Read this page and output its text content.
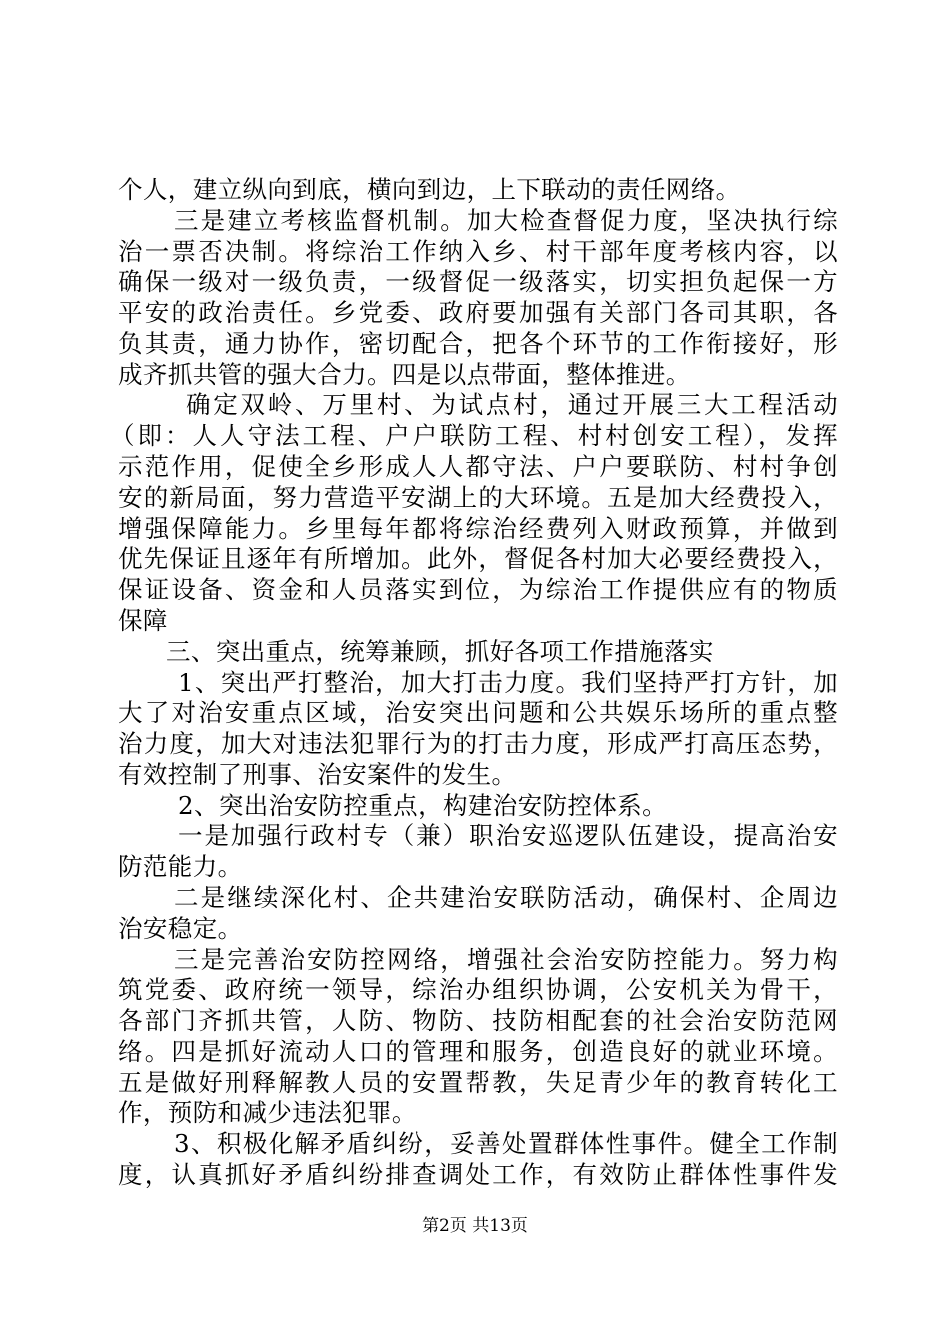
个人，建立纵向到底，横向到边，上下联动的责任网络。
三是建立考核监督机制。加大检查督促力度，坚决执行综
治一票否决制。将综治工作纳入乡、村干部年度考核内容，以
确保一级对一级负责，一级督促一级落实，切实担负起保一方
平安的政治责任。乡党委、政府要加强有关部门各司其职，各
负其责，通力协作，密切配合，把各个环节的工作衔接好，形
成齐抓共管的强大合力。四是以点带面，整体推进。
确定双岭、万里村、为试点村，通过开展三大工程活动
（即：人人守法工程、户户联防工程、村村创安工程），发挥
示范作用，促使全乡形成人人都守法、户户要联防、村村争创
安的新局面，努力营造平安湖上的大环境。五是加大经费投入，
增强保障能力。乡里每年都将综治经费列入财政预算，并做到
优先保证且逐年有所增加。此外，督促各村加大必要经费投入，
保证设备、资金和人员落实到位，为综治工作提供应有的物质
保障
三、突出重点，统筹兼顾，抓好各项工作措施落实
1、突出严打整治，加大打击力度。我们坚持严打方针，加
大了对治安重点区域，治安突出问题和公共娱乐场所的重点整
治力度，加大对违法犯罪行为的打击力度，形成严打高压态势，
有效控制了刑事、治安案件的发生。
2、突出治安防控重点，构建治安防控体系。
一是加强行政村专（兼）职治安巡逻队伍建设，提高治安
防范能力。
二是继续深化村、企共建治安联防活动，确保村、企周边
治安稳定。
三是完善治安防控网络，增强社会治安防控能力。努力构
筑党委、政府统一领导，综治办组织协调，公安机关为骨干，
各部门齐抓共管，人防、物防、技防相配套的社会治安防范网
络。四是抓好流动人口的管理和服务，创造良好的就业环境。
五是做好刑释解教人员的安置帮教，失足青少年的教育转化工
作，预防和减少违法犯罪。
3、积极化解矛盾纠纷，妥善处置群体性事件。健全工作制
度，认真抓好矛盾纠纷排查调处工作，有效防止群体性事件发
第2页 共13页
